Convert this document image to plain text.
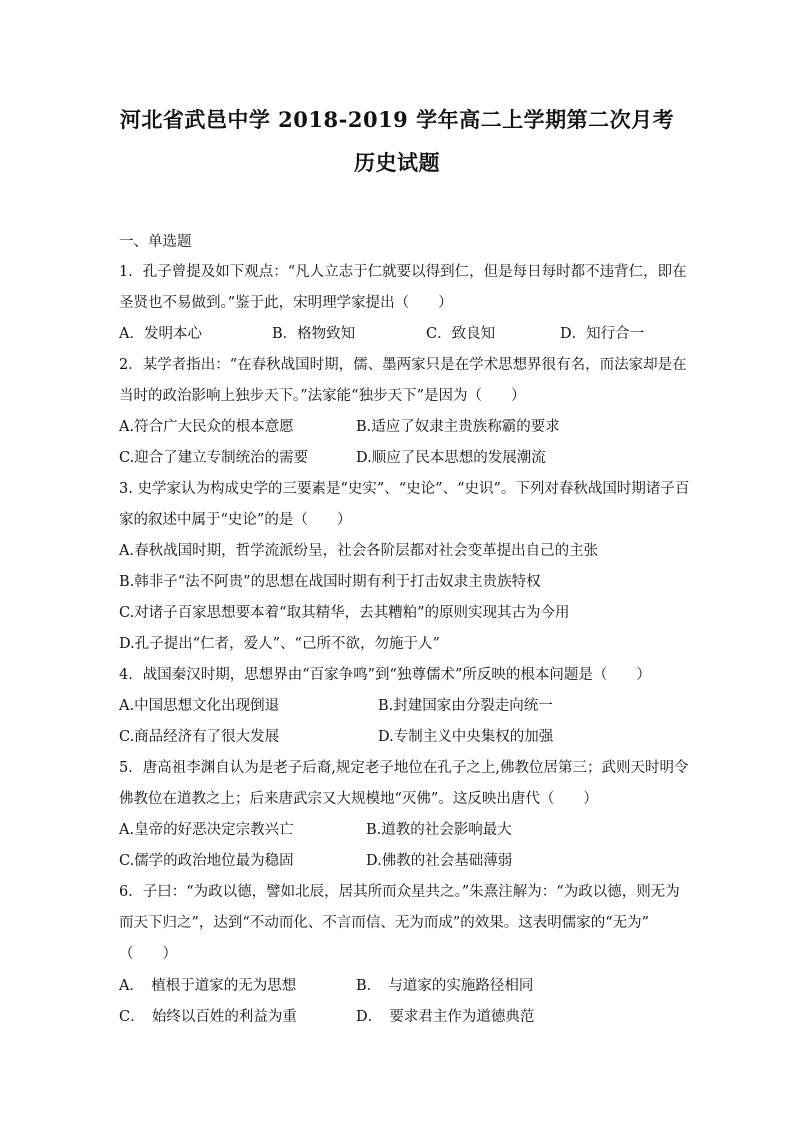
河北省武邑中学 2018-2019 学年高二上学期第二次月考
历史试题
一、单选题
1．孔子曾提及如下观点：“凡人立志于仁就要以得到仁，但是每日每时都不违背仁，即在
圣贤也不易做到。”鉴于此，宋明理学家提出（　　）
A．发明本心	B．格物致知	C．致良知	D．知行合一
2．某学者指出：“在春秋战国时期，儒、墨两家只是在学术思想界很有名，而法家却是在
当时的政治影响上独步天下。”法家能“独步天下”是因为（　　）
A.符合广大民众的根本意愿	B.适应了奴隶主贵族称霸的要求
C.迎合了建立专制统治的需要	D.顺应了民本思想的发展潮流
3. 史学家认为构成史学的三要素是“史实”、“史论”、“史识”。下列对春秋战国时期诸子百
家的叙述中属于“史论”的是（　　）
A.春秋战国时期，哲学流派纷呈，社会各阶层都对社会变革提出自己的主张
B.韩非子“法不阿贵”的思想在战国时期有利于打击奴隶主贵族特权
C.对诸子百家思想要本着“取其精华，去其糟粕”的原则实现其古为今用
D.孔子提出“仁者，爱人”、“己所不欲，勿施于人”
4．战国秦汉时期，思想界由“百家争鸣”到“独尊儒术”所反映的根本问题是（　　）
A.中国思想文化出现倒退	B.封建国家由分裂走向统一
C.商品经济有了很大发展	D.专制主义中央集权的加强
5．唐高祖李渊自认为是老子后裔,规定老子地位在孔子之上,佛教位居第三；武则天时明令
佛教位在道教之上；后来唐武宗又大规模地“灭佛”。这反映出唐代（　　）
A.皇帝的好恶决定宗教兴亡	B.道教的社会影响最大
C.儒学的政治地位最为稳固	D.佛教的社会基础薄弱
6．子曰：“为政以德，譬如北辰，居其所而众星共之。”朱熹注解为：“为政以德，则无为
而天下归之”，达到“不动而化、不言而信、无为而成”的效果。这表明儒家的“无为”
（　　）
A．　植根于道家的无为思想	B．　与道家的实施路径相同
C．　始终以百姓的利益为重	D．　要求君主作为道德典范
